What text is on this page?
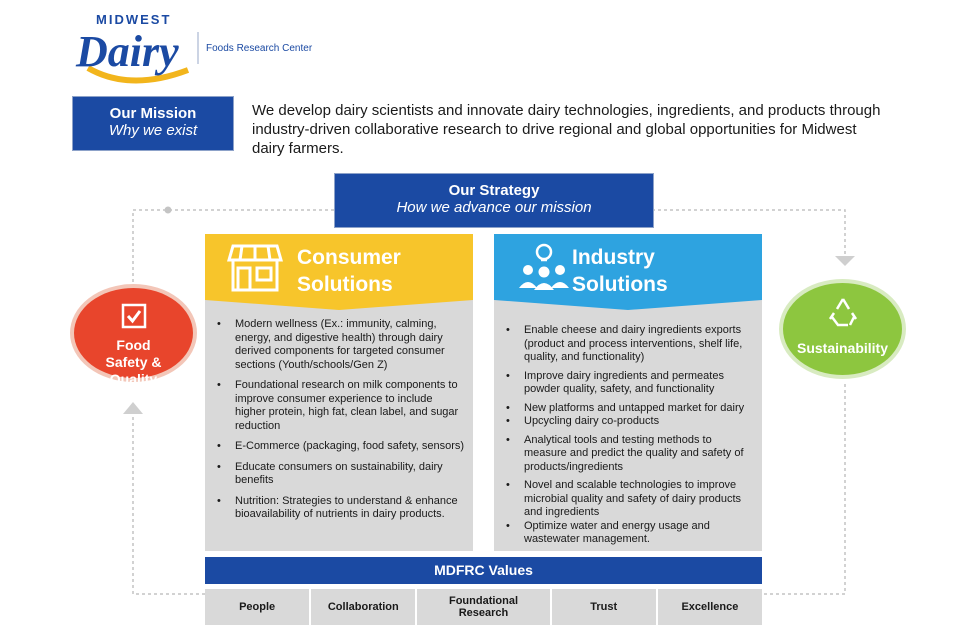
MIDWEST
Dairy	Foods Research Center
Our Mission
Why we exist
We develop dairy scientists and innovate dairy technologies, ingredients, and products through industry-driven collaborative research to drive regional and global opportunities for Midwest dairy farmers.
Our Strategy
How we advance our mission
Food Safety & Quality
Sustainability
Consumer Solutions
• Modern wellness (Ex.: immunity, calming, energy, and digestive health) through dairy derived components for targeted consumer sections (Youth/schools/Gen Z)
• Foundational research on milk components to improve consumer experience to include higher protein, high fat, clean label, and sugar reduction
• E-Commerce (packaging, food safety, sensors)
• Educate consumers on sustainability, dairy benefits
• Nutrition: Strategies to understand & enhance bioavailability of nutrients in dairy products.
Industry Solutions
• Enable cheese and dairy ingredients exports (product and process interventions, shelf life, quality, and functionality)
• Improve dairy ingredients and permeates powder quality, safety, and functionality
• New platforms and untapped market for dairy
• Upcycling dairy co-products
• Analytical tools and testing methods to measure and predict the quality and safety of products/ingredients
• Novel and scalable technologies to improve microbial quality and safety of dairy products and ingredients
• Optimize water and energy usage and wastewater management.
MDFRC Values
People	Collaboration	Foundational Research	Trust	Excellence
